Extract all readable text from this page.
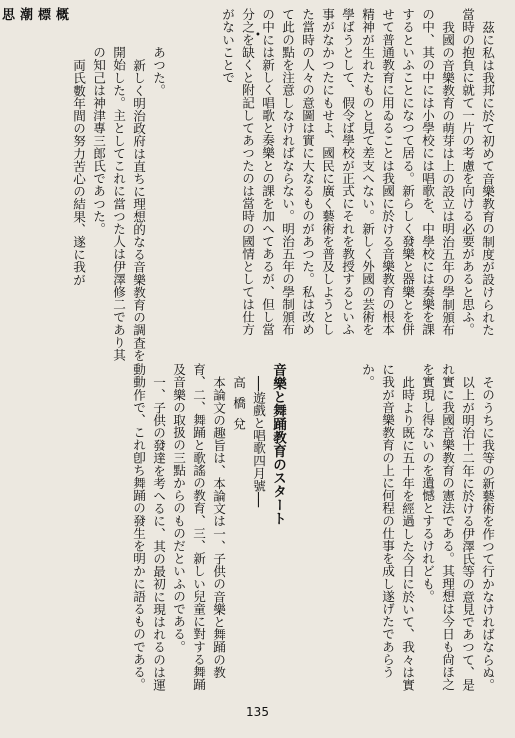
思潮標概
•	茲に私は我邦に於て初めて音樂教育の制度が設けられた當時の抱負に就て一片の考慮を向ける必要があると思ふ。

我國の音樂教育の萌芽は上の設立は明治五年の學制頒布の中、其の中には小學校には唱歌を、中學校には奏樂を課するといふことになつて居る。新らしく發樂と器樂とを併せて普通教育に用ゐることは我國に於ける音樂教育の根本精神が生れたものと見て差支へない。新しく外國の芸術を學ばうとして、假令ば學校が正式にそれを教授するといふ事がなかつたにもせよ、國民に廣く藝術を普及しようとした當時の人々の意圖は實に大なるものがあつた。私は改めて此の點を注意しなければならない。明治五年の學制頒布の中には新しく唱歌と奏樂との課を加へてあるが、但し當分之を缺くと附記してあつたのは當時の國情としては仕方がないことで

あつた。

新しく明治政府は直ちに理想的なる音樂教育の調査を開始した。主としてこれに當つた人は伊澤修二であり其の知己は神津專三郎氏であつた。

両氏數年間の努力苦心の結果、遂に我が

そのうちに我等の新藝術を作つて行かなければならぬ。

以上が明治十二年に於ける伊澤氏等の意見であつて、是れ實に我國音樂教育の憲法である。其理想は今日も尙ほ之を實現し得ないのを遺憾とするけれども。

此時より既に五十年を經過した今日に於いて、我々は實に我が音樂教育の上に何程の仕事を成し遂げたであらうか。

音樂と舞踊教育のスタート

──遊戲と唱歌四月號──

高橋兌

本論文の趣旨は、本論文は一、子供の音樂と舞踊の教育、二、舞踊と歌謠の教育、三、新しい兒童に對する舞踊及音樂の取扱の三點からのものだといふのである。

一、子供の發達を考へるに、其の最初に現はれるのは運動動作で、これ卽ち舞踊の發生を明かに語るものである。

135
